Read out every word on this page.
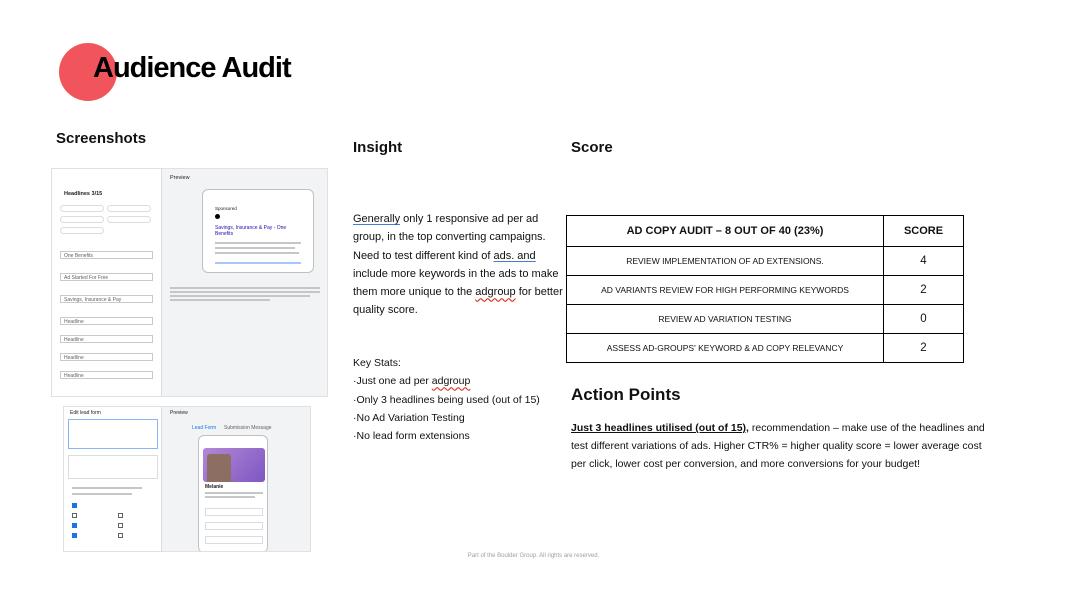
Audience Audit
Screenshots
Headlines 3/15
One Benefits
Ad Started For Free
Savings, Insurance & Pay
Headline
Headline
Headline
Headline
Preview
Sponsored
Savings, Insurance & Pay - One Benefits
Edit lead form	Preview
Lead Form Submission Message
Melanie
Insight
Generally only 1 responsive ad per ad group, in the top converting campaigns. Need to test different kind of ads. and include more keywords in the ads to make them more unique to the adgroup for better quality score.
Key Stats:
·Just one ad per adgroup
·Only 3 headlines being used (out of 15)
·No Ad Variation Testing
·No lead form extensions
Score
AD COPY AUDIT – 8 OUT OF 40 (23%)	SCORE
REVIEW IMPLEMENTATION OF AD EXTENSIONS.	4
AD VARIANTS REVIEW FOR HIGH PERFORMING KEYWORDS	2
REVIEW AD VARIATION TESTING	0
ASSESS AD-GROUPS' KEYWORD & AD COPY RELEVANCY	2
Action Points
Just 3 headlines utilised (out of 15), recommendation – make use of the headlines and test different variations of ads. Higher CTR% = higher quality score = lower average cost per click, lower cost per conversion, and more conversions for your budget!
Part of the Boulder Group. All rights are reserved.
